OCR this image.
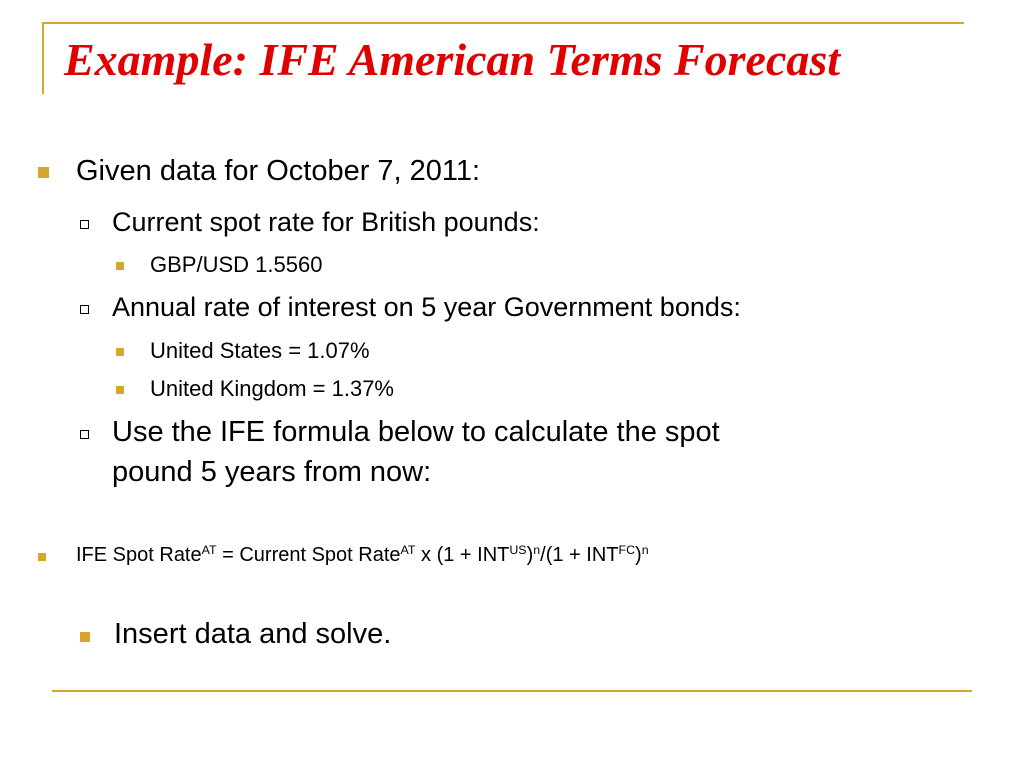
Example: IFE American Terms Forecast
Given data for October 7, 2011:
Current spot rate for British pounds:
GBP/USD 1.5560
Annual rate of interest on 5 year Government bonds:
United States = 1.07%
United Kingdom = 1.37%
Use the IFE formula below to calculate the spot
pound 5 years from now:
IFE Spot Rate$^{AT}$ = Current Spot Rate$^{AT}$ x $(1 + INT^{US})^n/(1 + INT^{FC})^n$
Insert data and solve.
